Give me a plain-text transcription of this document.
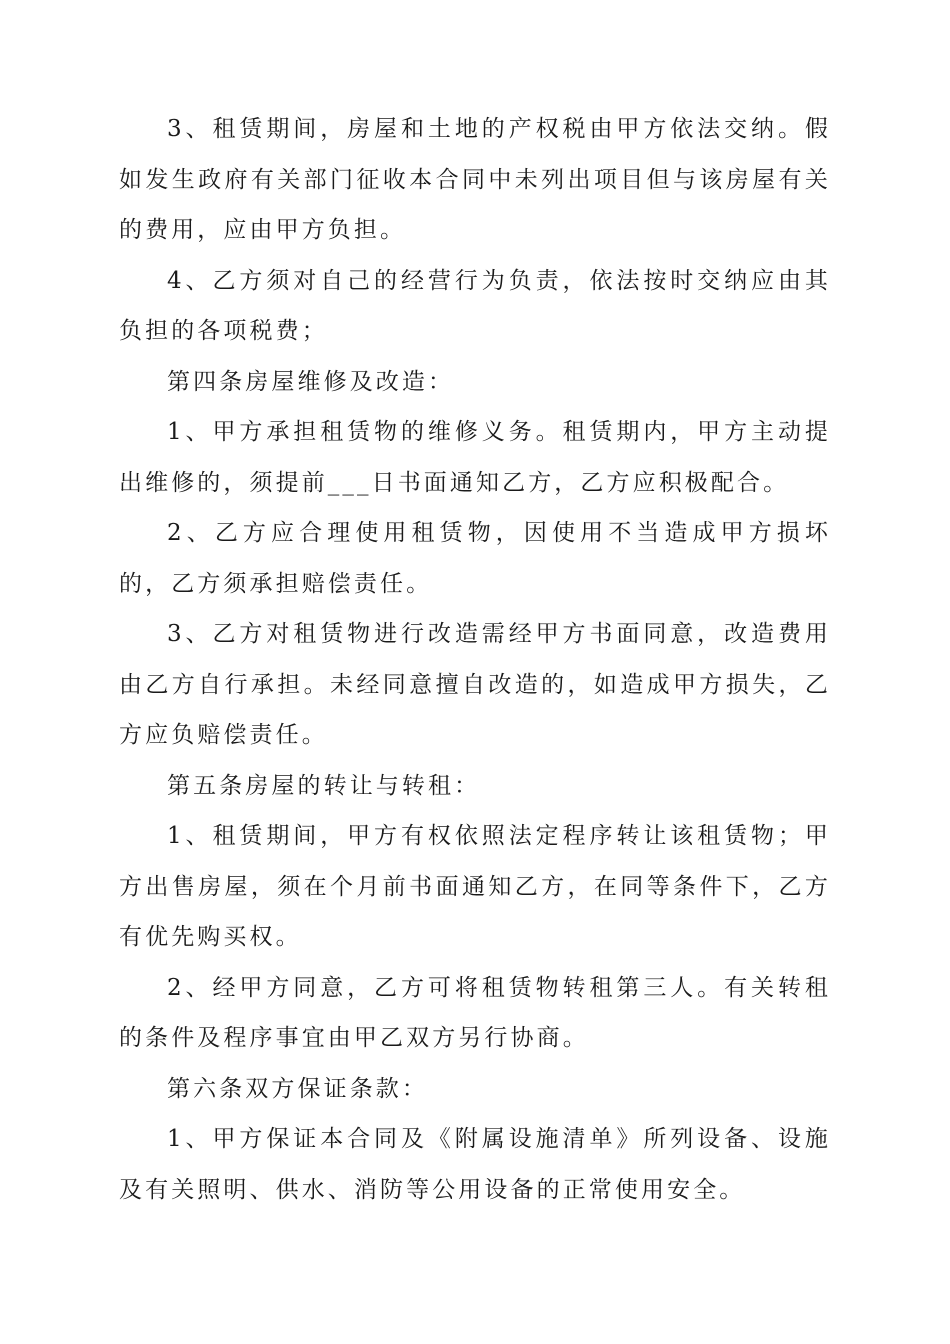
3、租赁期间，房屋和土地的产权税由甲方依法交纳。假如发生政府有关部门征收本合同中未列出项目但与该房屋有关的费用，应由甲方负担。

4、乙方须对自己的经营行为负责，依法按时交纳应由其负担的各项税费；

第四条房屋维修及改造：

1、甲方承担租赁物的维修义务。租赁期内，甲方主动提出维修的，须提前___日书面通知乙方，乙方应积极配合。

2、乙方应合理使用租赁物，因使用不当造成甲方损坏的，乙方须承担赔偿责任。

3、乙方对租赁物进行改造需经甲方书面同意，改造费用由乙方自行承担。未经同意擅自改造的，如造成甲方损失，乙方应负赔偿责任。

第五条房屋的转让与转租：

1、租赁期间，甲方有权依照法定程序转让该租赁物；甲方出售房屋，须在个月前书面通知乙方，在同等条件下，乙方有优先购买权。

2、经甲方同意，乙方可将租赁物转租第三人。有关转租的条件及程序事宜由甲乙双方另行协商。

第六条双方保证条款：

1、甲方保证本合同及《附属设施清单》所列设备、设施及有关照明、供水、消防等公用设备的正常使用安全。
